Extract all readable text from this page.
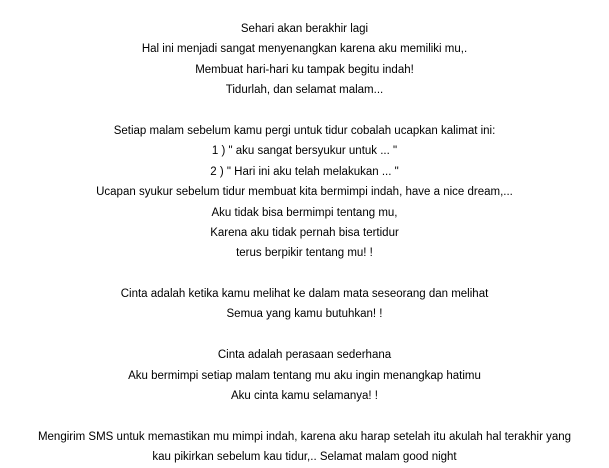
Sehari akan berakhir lagi
Hal ini menjadi sangat menyenangkan karena aku memiliki mu,.
Membuat hari-hari ku tampak begitu indah!
Tidurlah, dan selamat malam...
Setiap malam sebelum kamu pergi untuk tidur cobalah ucapkan kalimat ini:
1 ) " aku sangat bersyukur untuk ... "
2 ) " Hari ini aku telah melakukan ... "
Ucapan syukur sebelum tidur membuat kita bermimpi indah, have a nice dream,...
Aku tidak bisa bermimpi tentang mu,
Karena aku tidak pernah bisa tertidur
terus berpikir tentang mu! !
Cinta adalah ketika kamu melihat ke dalam mata seseorang dan melihat
Semua yang kamu butuhkan! !
Cinta adalah perasaan sederhana
Aku bermimpi setiap malam tentang mu aku ingin menangkap hatimu
Aku cinta kamu selamanya! !
Mengirim SMS untuk memastikan mu mimpi indah, karena aku harap setelah itu akulah hal terakhir yang
kau pikirkan sebelum kau tidur,.. Selamat malam good night
